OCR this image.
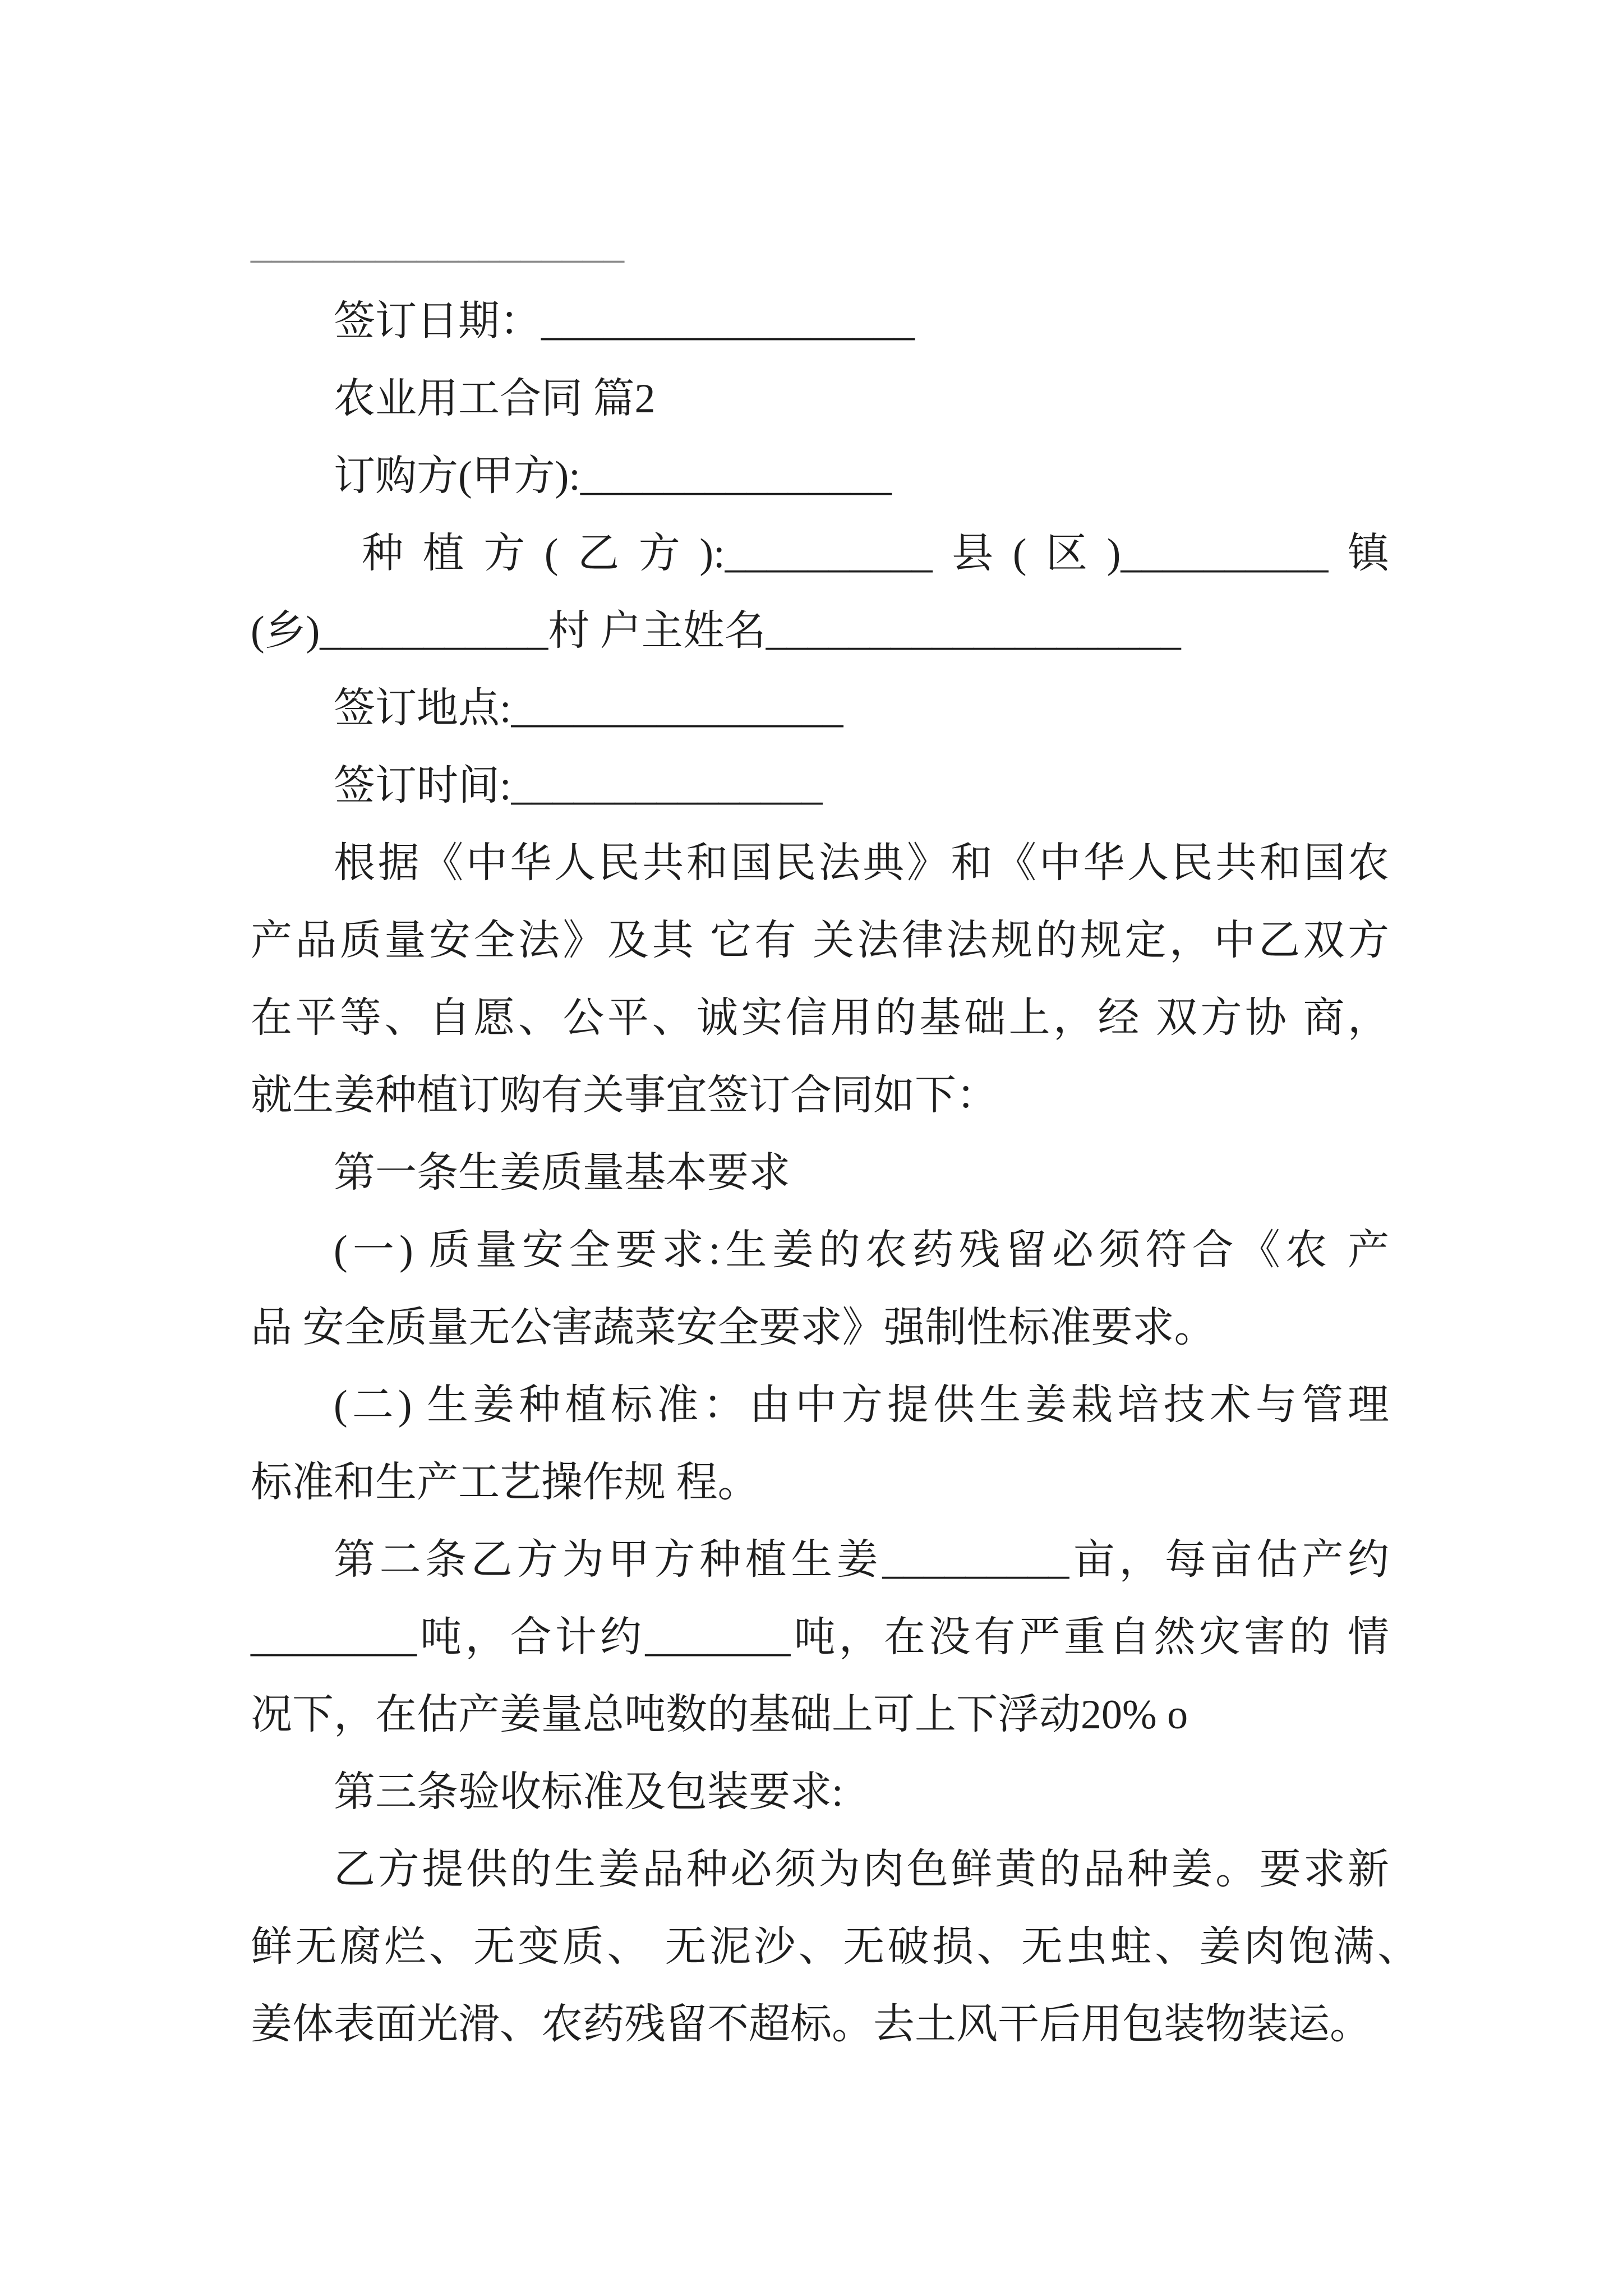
__________________
签订日期：__________________
农业用工合同 篇2
订购方(甲方):_______________
种植方(乙方):__________县(区)__________镇
(乡)___________村 户主姓名____________________
签订地点:________________
签订时间:_______________
根据《中华人民共和国民法典》和《中华人民共和国农
产品质量安全法》及其 它有 关法律法规的规定，中乙双方
在平等、自愿、公平、诚实信用的基础上，经 双方协 商，
就生姜种植订购有关事宜签订合同如下：
第一条生姜质量基本要求
(一) 质量安全要求:生姜的农药残留必须符合《农 产
品 安全质量无公害蔬菜安全要求》强制性标准要求。
(二) 生姜种植标准：由中方提供生姜栽培技术与管理
标准和生产工艺操作规 程。
第二条乙方为甲方种植生姜_________亩，每亩估产约
________吨，合计约_______吨，在没有严重自然灾害的 情
况下，在估产姜量总吨数的基础上可上下浮动20% o
第三条验收标准及包装要求:
乙方提供的生姜品种必须为肉色鲜黄的品种姜。要求新
鲜无腐烂、无变质、 无泥沙、无破损、无虫蛀、姜肉饱满、
姜体表面光滑、农药残留不超标。去土风干后用包装物装运。
